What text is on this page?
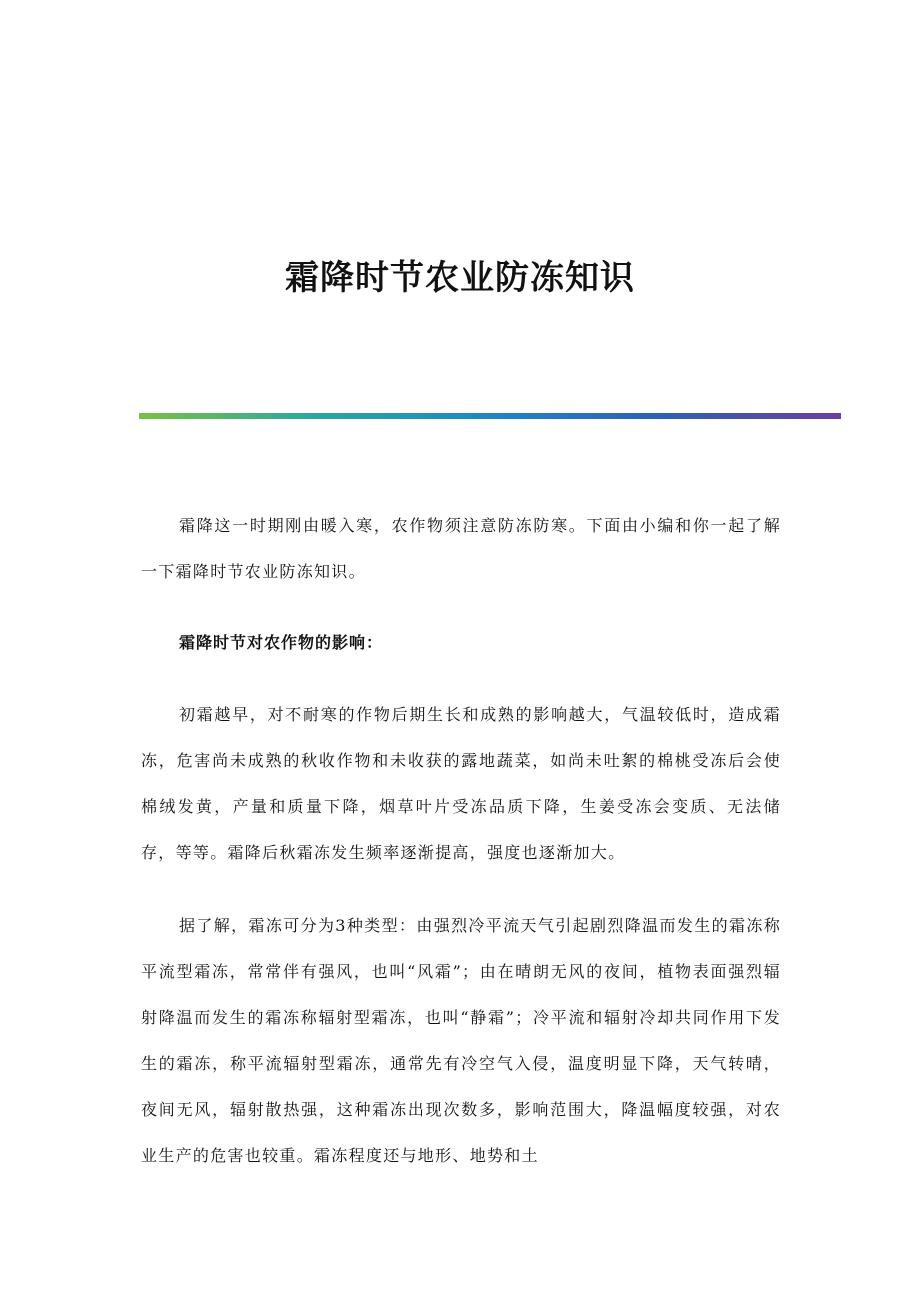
霜降时节农业防冻知识

霜降这一时期刚由暖入寒，农作物须注意防冻防寒。下面由小编和你一起了解一下霜降时节农业防冻知识。

霜降时节对农作物的影响：

初霜越早，对不耐寒的作物后期生长和成熟的影响越大，气温较低时，造成霜冻，危害尚未成熟的秋收作物和未收获的露地蔬菜，如尚未吐絮的棉桃受冻后会使棉绒发黄，产量和质量下降，烟草叶片受冻品质下降，生姜受冻会变质、无法储存，等等。霜降后秋霜冻发生频率逐渐提高，强度也逐渐加大。

据了解，霜冻可分为3种类型：由强烈冷平流天气引起剧烈降温而发生的霜冻称平流型霜冻，常常伴有强风，也叫“风霜”；由在晴朗无风的夜间，植物表面强烈辐射降温而发生的霜冻称辐射型霜冻，也叫“静霜”；冷平流和辐射冷却共同作用下发生的霜冻，称平流辐射型霜冻，通常先有冷空气入侵，温度明显下降，天气转晴，夜间无风，辐射散热强，这种霜冻出现次数多，影响范围大，降温幅度较强，对农业生产的危害也较重。霜冻程度还与地形、地势和土
